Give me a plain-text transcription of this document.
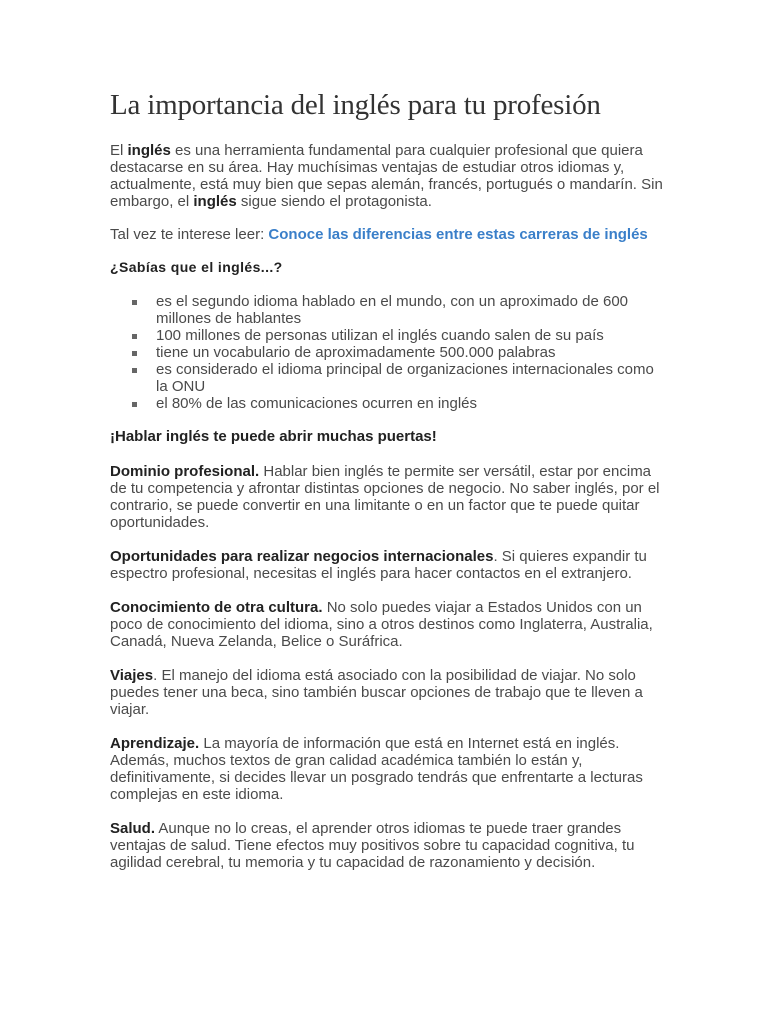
La importancia del inglés para tu profesión

El inglés es una herramienta fundamental para cualquier profesional que quiera destacarse en su área. Hay muchísimas ventajas de estudiar otros idiomas y, actualmente, está muy bien que sepas alemán, francés, portugués o mandarín. Sin embargo, el inglés sigue siendo el protagonista.

Tal vez te interese leer: Conoce las diferencias entre estas carreras de inglés

¿Sabías que el inglés...?
es el segundo idioma hablado en el mundo, con un aproximado de 600 millones de hablantes
100 millones de personas utilizan el inglés cuando salen de su país
tiene un vocabulario de aproximadamente 500.000 palabras
es considerado el idioma principal de organizaciones internacionales como la ONU
el 80% de las comunicaciones ocurren en inglés
¡Hablar inglés te puede abrir muchas puertas!

Dominio profesional. Hablar bien inglés te permite ser versátil, estar por encima de tu competencia y afrontar distintas opciones de negocio. No saber inglés, por el contrario, se puede convertir en una limitante o en un factor que te puede quitar oportunidades.

Oportunidades para realizar negocios internacionales. Si quieres expandir tu espectro profesional, necesitas el inglés para hacer contactos en el extranjero.

Conocimiento de otra cultura. No solo puedes viajar a Estados Unidos con un poco de conocimiento del idioma, sino a otros destinos como Inglaterra, Australia, Canadá, Nueva Zelanda, Belice o Suráfrica.

Viajes. El manejo del idioma está asociado con la posibilidad de viajar. No solo puedes tener una beca, sino también buscar opciones de trabajo que te lleven a viajar.

Aprendizaje. La mayoría de información que está en Internet está en inglés. Además, muchos textos de gran calidad académica también lo están y, definitivamente, si decides llevar un posgrado tendrás que enfrentarte a lecturas complejas en este idioma.

Salud. Aunque no lo creas, el aprender otros idiomas te puede traer grandes ventajas de salud. Tiene efectos muy positivos sobre tu capacidad cognitiva, tu agilidad cerebral, tu memoria y tu capacidad de razonamiento y decisión.
